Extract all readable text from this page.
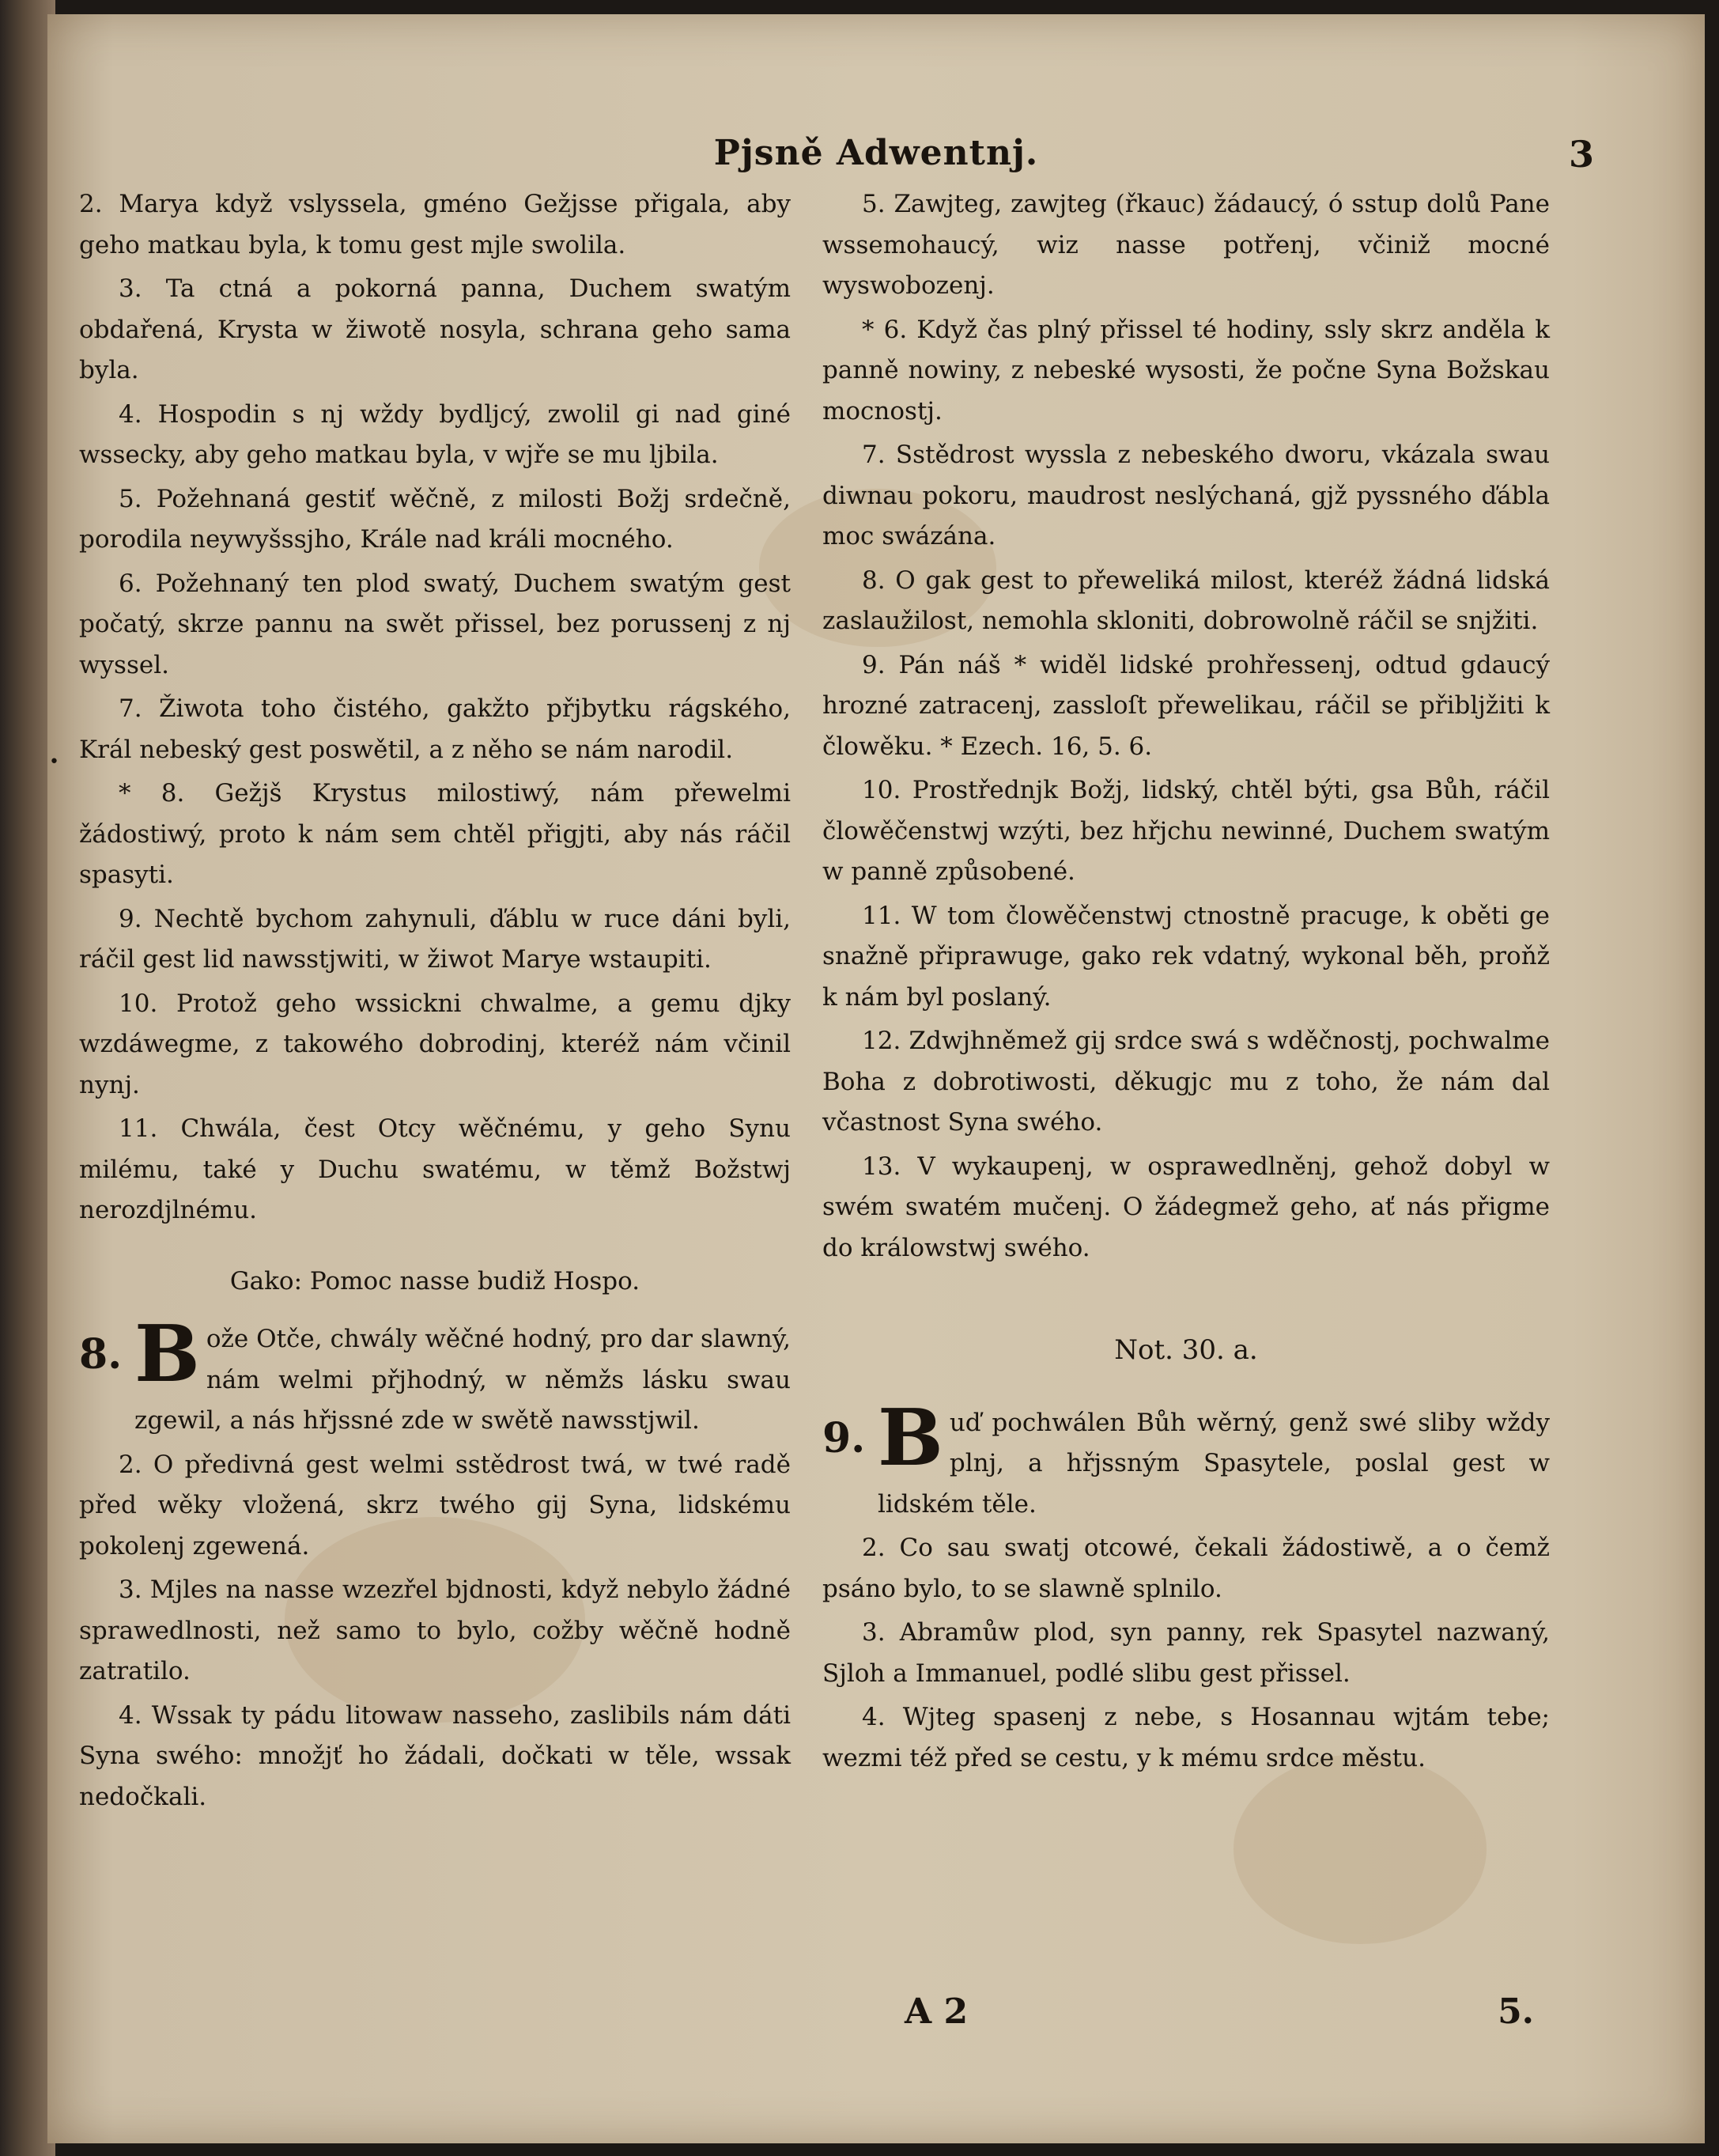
Pjsně Adwentnj.	3
•

2. Marya když vslyssela, gméno Gežjsse přigala, aby geho matkau byla, k tomu gest mjle swolila.

3. Ta ctná a pokorná panna, Duchem swatým obdařená, Krysta w žiwotě nosyla, schrana geho sama byla.

4. Hospodin s nj wždy bydljcý, zwolil gi nad giné wssecky, aby geho matkau byla, v wjře se mu ljbila.

5. Požehnaná gestiť wěčně, z milosti Božj srdečně, porodila neywyšssjho, Krále nad králi mocného.

6. Požehnaný ten plod swatý, Duchem swatým gest počatý, skrze pannu na swět přissel, bez porussenj z nj wyssel.

7. Žiwota toho čistého, gakžto přjbytku rágského, Král nebeský gest poswětil, a z něho se nám narodil.

* 8. Gežjš Krystus milostiwý, nám přewelmi žádostiwý, proto k nám sem chtěl přigjti, aby nás ráčil spasyti.

9. Nechtě bychom zahynuli, ďáblu w ruce dáni byli, ráčil gest lid nawsstjwiti, w žiwot Marye wstaupiti.

10. Protož geho wssickni chwalme, a gemu djky wzdáwegme, z takowého dobrodinj, kteréž nám včinil nynj.

11. Chwála, čest Otcy wěčnému, y geho Synu milému, také y Duchu swatému, w těmž Božstwj nerozdjlnému.

Gako: Pomoc nasse budiž Hospo.

8. Bože Otče, chwály wěčné hodný, pro dar slawný, nám welmi přjhodný, w němžs lásku swau zgewil, a nás hřjssné zde w swětě nawsstjwil.

2. O předivná gest welmi sstědrost twá, w twé radě před wěky vložená, skrz twého gij Syna, lidskému pokolenj zgewená.

3. Mjles na nasse wzezřel bjdnosti, když nebylo žádné sprawedlnosti, než samo to bylo, cožby wěčně hodně zatratilo.

4. Wssak ty pádu litowaw nasseho, zaslibils nám dáti Syna swého: množjť ho žádali, dočkati w těle, wssak nedočkali.

5. Zawjteg, zawjteg (řkauc) žádaucý, ó sstup dolů Pane wssemohaucý, wiz nasse potřenj, včiniž mocné wyswobozenj.

* 6. Když čas plný přissel té hodiny, ssly skrz anděla k panně nowiny, z nebeské wysosti, že počne Syna Božskau mocnostj.

7. Sstědrost wyssla z nebeského dworu, vkázala swau diwnau pokoru, maudrost neslýchaná, gjž pyssného ďábla moc swázána.

8. O gak gest to přeweliká milost, kteréž žádná lidská zaslaužilost, nemohla skloniti, dobrowolně ráčil se snjžiti.

9. Pán náš * widěl lidské prohřessenj, odtud gdaucý hrozné zatracenj, zassloſt přewelikau, ráčil se přibljžiti k člowěku. * Ezech. 16, 5. 6.

10. Prostřednjk Božj, lidský, chtěl býti, gsa Bůh, ráčil člowěčenstwj wzýti, bez hřjchu newinné, Duchem swatým w panně způsobené.

11. W tom člowěčenstwj ctnostně pracuge, k oběti ge snažně připrawuge, gako rek vdatný, wykonal běh, proňž k nám byl poslaný.

12. Zdwjhněmež gij srdce swá s wděčnostj, pochwalme Boha z dobrotiwosti, děkugjc mu z toho, že nám dal včastnost Syna swého.

13. V wykaupenj, w osprawedlněnj, gehož dobyl w swém swatém mučenj. O žádegmež geho, ať nás přigme do králowstwj swého.

Not. 30. a.

9. Buď pochwálen Bůh wěrný, genž swé sliby wždy plnj, a hřjssným Spasytele, poslal gest w lidském těle.

2. Co sau swatj otcowé, čekali žádostiwě, a o čemž psáno bylo, to se slawně splnilo.

3. Abramůw plod, syn panny, rek Spasytel nazwaný, Sjloh a Immanuel, podlé slibu gest přissel.

4. Wjteg spasenj z nebe, s Hosannau wjtám tebe; wezmi též před se cestu, y k mému srdce městu.

A 2	5.
